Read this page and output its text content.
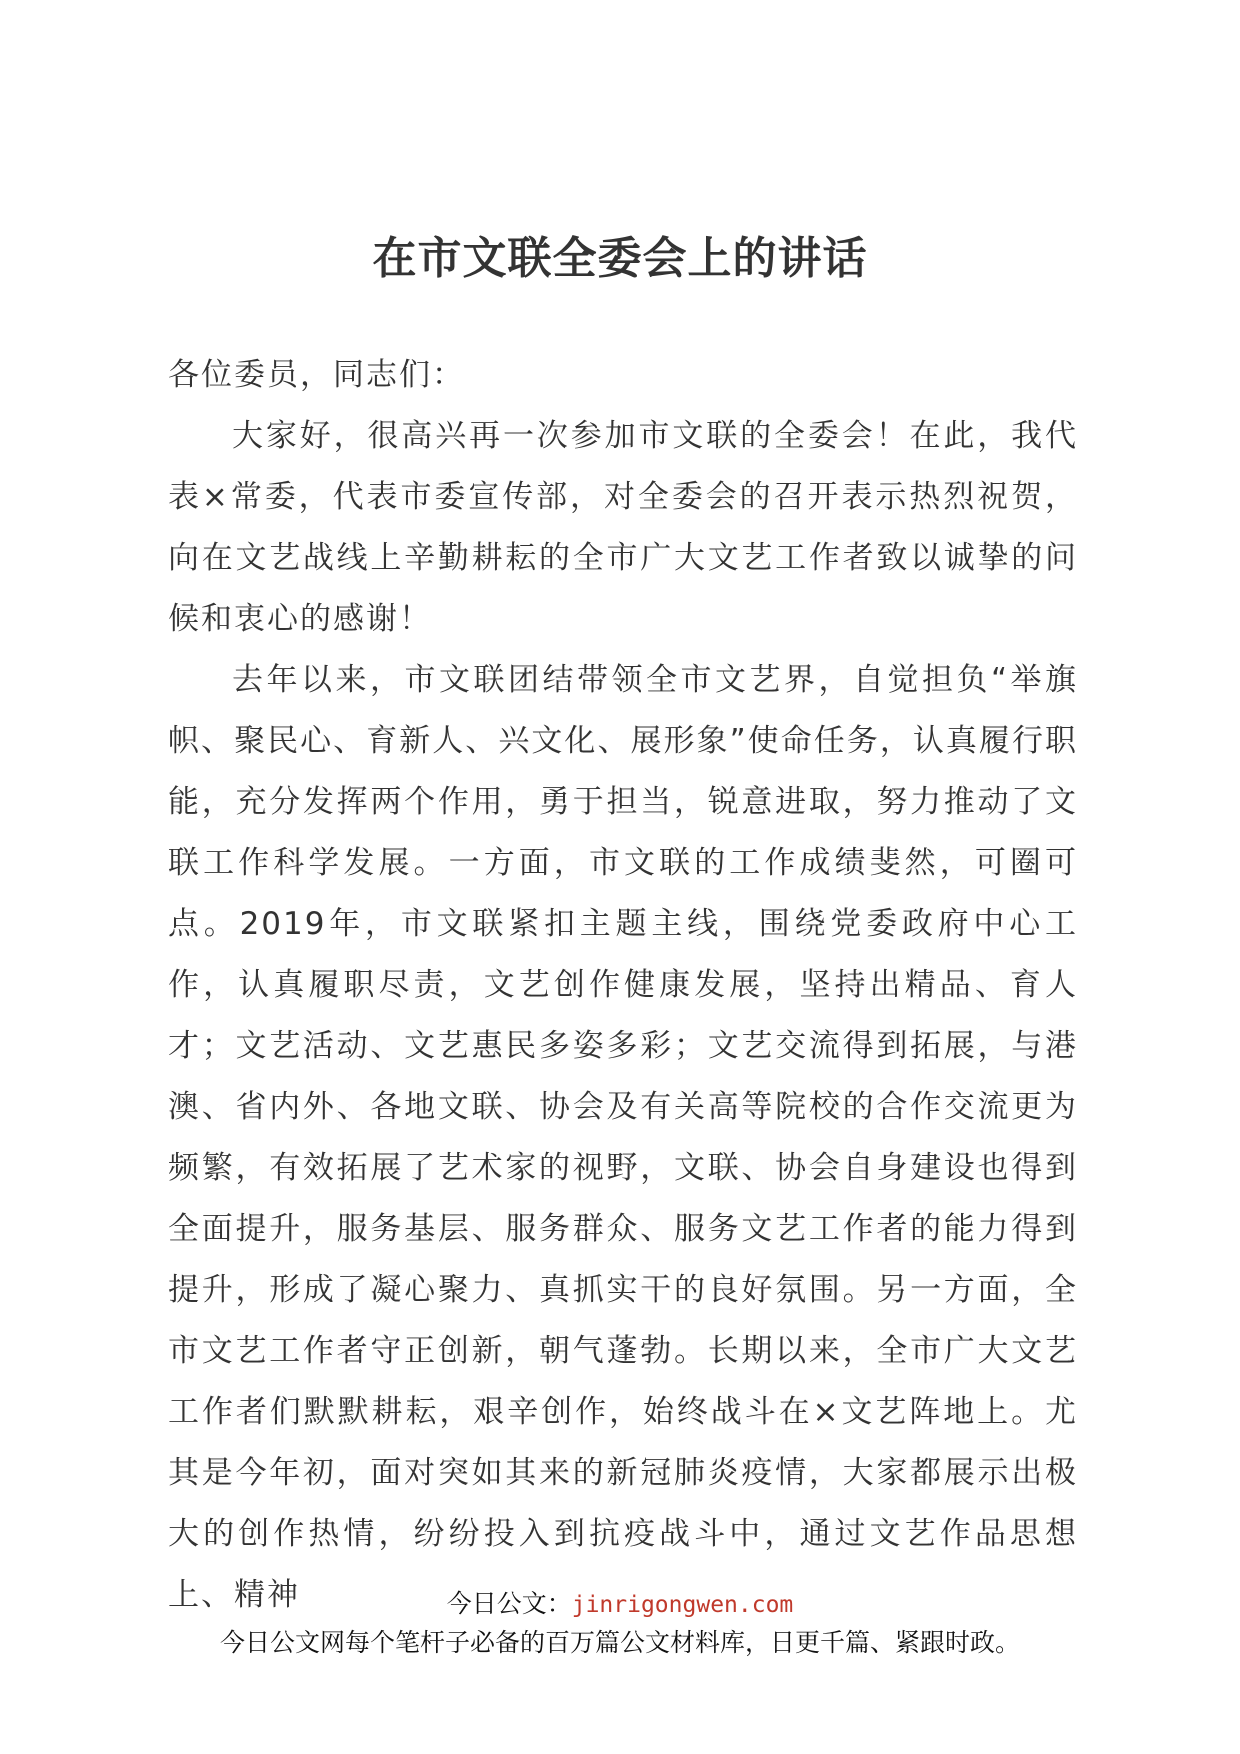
在市文联全委会上的讲话

各位委员，同志们：

大家好，很高兴再一次参加市文联的全委会！在此，我代表×常委，代表市委宣传部，对全委会的召开表示热烈祝贺，向在文艺战线上辛勤耕耘的全市广大文艺工作者致以诚挚的问候和衷心的感谢！

去年以来，市文联团结带领全市文艺界，自觉担负“举旗帜、聚民心、育新人、兴文化、展形象”使命任务，认真履行职能，充分发挥两个作用，勇于担当，锐意进取，努力推动了文联工作科学发展。一方面，市文联的工作成绩斐然，可圈可点。2019年，市文联紧扣主题主线，围绕党委政府中心工作，认真履职尽责，文艺创作健康发展，坚持出精品、育人才；文艺活动、文艺惠民多姿多彩；文艺交流得到拓展，与港澳、省内外、各地文联、协会及有关高等院校的合作交流更为频繁，有效拓展了艺术家的视野，文联、协会自身建设也得到全面提升，服务基层、服务群众、服务文艺工作者的能力得到提升，形成了凝心聚力、真抓实干的良好氛围。另一方面，全市文艺工作者守正创新，朝气蓬勃。长期以来，全市广大文艺工作者们默默耕耘，艰辛创作，始终战斗在×文艺阵地上。尤其是今年初，面对突如其来的新冠肺炎疫情，大家都展示出极大的创作热情，纷纷投入到抗疫战斗中，通过文艺作品思想上、精神	今日公文：jinrigongwen.com

今日公文网每个笔杆子必备的百万篇公文材料库，日更千篇、紧跟时政。
